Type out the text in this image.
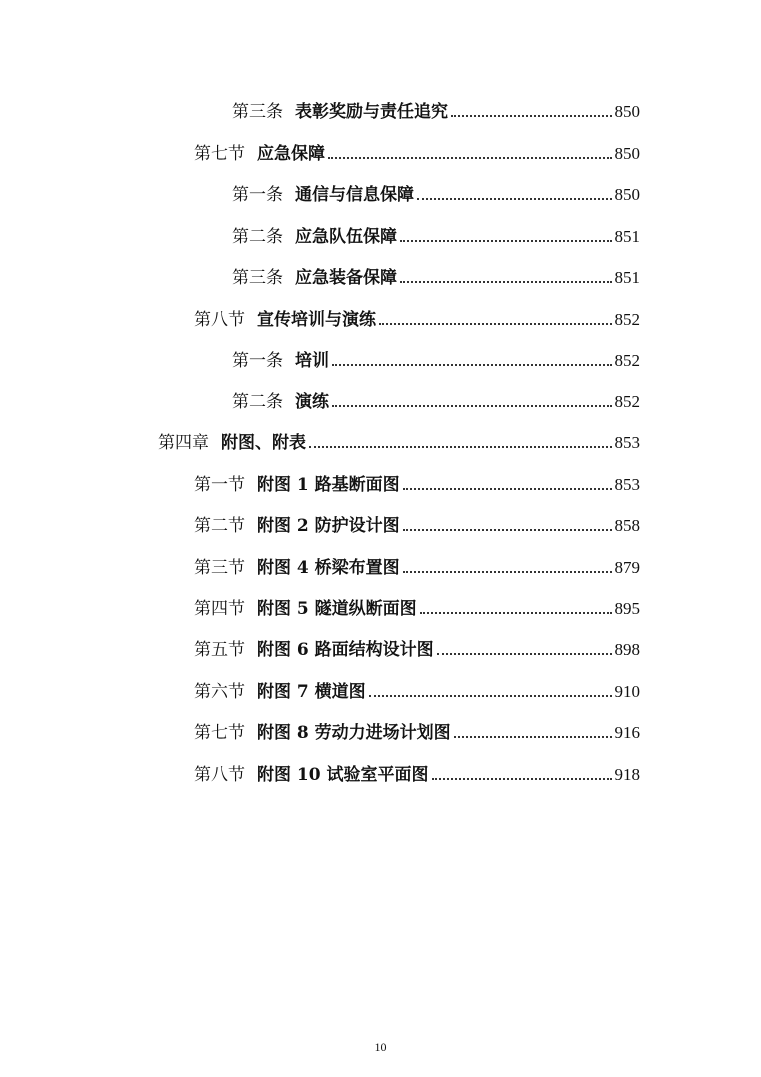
第三条 表彰奖励与责任追究	850
第七节 应急保障	850
第一条 通信与信息保障	850
第二条 应急队伍保障	851
第三条 应急装备保障	851
第八节 宣传培训与演练	852
第一条 培训	852
第二条 演练	852
第四章 附图、附表	853
第一节 附图 1 路基断面图	853
第二节 附图 2 防护设计图	858
第三节 附图 4 桥梁布置图	879
第四节 附图 5 隧道纵断面图	895
第五节 附图 6 路面结构设计图	898
第六节 附图 7 横道图	910
第七节 附图 8 劳动力进场计划图	916
第八节 附图 10 试验室平面图	918
10
